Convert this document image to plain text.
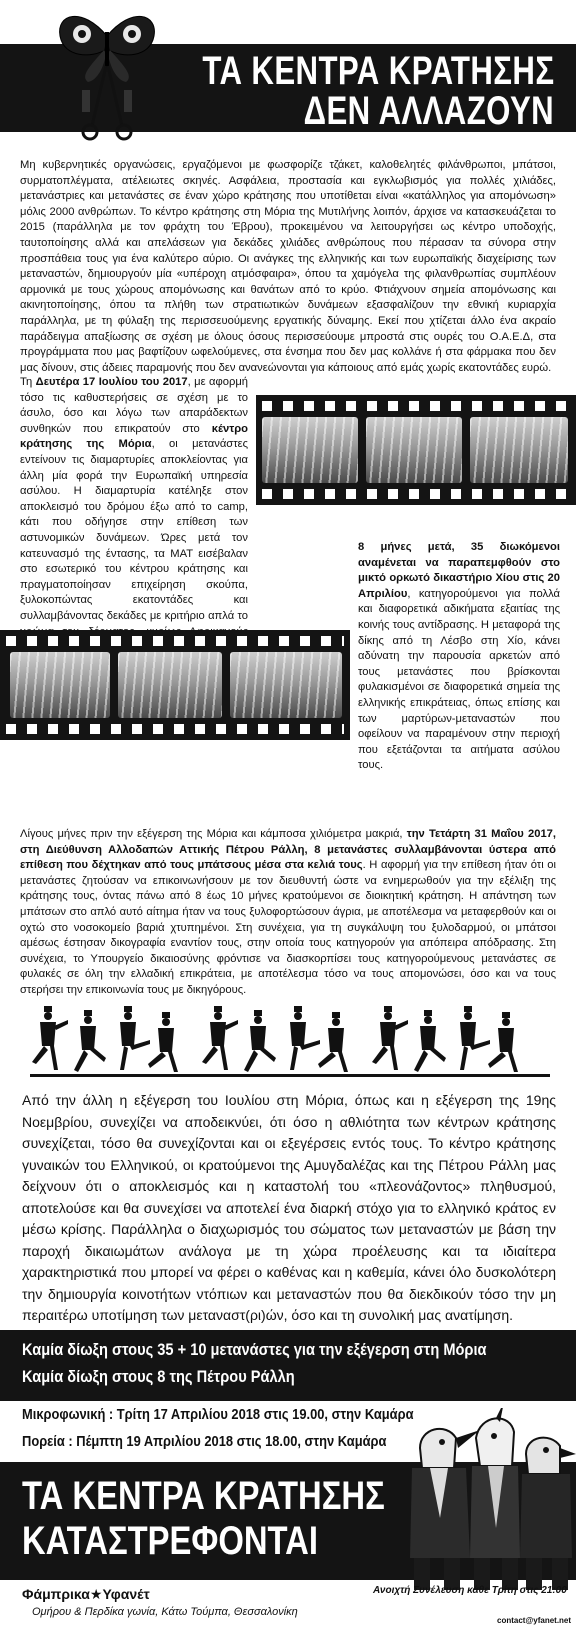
ΤΑ ΚΕΝΤΡΑ ΚΡΑΤΗΣΗΣ
ΔΕΝ ΑΛΛΑΖΟΥΝ
Μη κυβερνητικές οργανώσεις, εργαζόμενοι με φωσφορίζε τζάκετ, καλοθελητές φιλάνθρωποι, μπάτσοι, συρματοπλέγματα, ατέλειωτες σκηνές. Ασφάλεια, προστασία και εγκλωβισμός για πολλές χιλιάδες, μετανάστριες και μετανάστες σε έναν χώρο κράτησης που υποτίθεται είναι «κατάλληλος για απομόνωση» μόλις 2000 ανθρώπων. Το κέντρο κράτησης στη Μόρια της Μυτιλήνης λοιπόν, άρχισε να κατασκευάζεται το 2015 (παράλληλα με τον φράχτη του Έβρου), προκειμένου να λειτουργήσει ως κέντρο υποδοχής, ταυτοποίησης αλλά και απελάσεων για δεκάδες χιλιάδες ανθρώπους που πέρασαν τα σύνορα στην προσπάθεια τους για ένα καλύτερο αύριο. Οι ανάγκες της ελληνικής και των ευρωπαϊκής διαχείρισης των μεταναστών, δημιουργούν μία «υπέροχη ατμόσφαιρα», όπου τα χαμόγελα της φιλανθρωπίας συμπλέουν αρμονικά με τους χώρους απομόνωσης και θανάτων από το κρύο. Φτιάχνουν σημεία απομόνωσης και ακινητοποίησης, όπου τα πλήθη των στρατιωτικών δυνάμεων εξασφαλίζουν την εθνική κυριαρχία παράλληλα, με τη φύλαξη της περισσευούμενης εργατικής δύναμης. Εκεί που χτίζεται άλλο ένα ακραίο παράδειγμα απαξίωσης σε σχέση με όλους όσους περισσεύουμε μπροστά στις ουρές του Ο.Α.Ε.Δ, στα προγράμματα που μας βαφτίζουν ωφελούμενες, στα ένσημα που δεν μας κολλάνε ή στα φάρμακα που δεν μας δίνουν, στις άδειες παραμονής που δεν ανανεώνονται για κάποιους από εμάς χωρίς εκατοντάδες ευρώ.
Τη Δευτέρα 17 Ιουλίου του 2017, με αφορμή τόσο τις καθυστερήσεις σε σχέση με το άσυλο, όσο και λόγω των απαράδεκτων συνθηκών που επικρατούν στο κέντρο κράτησης της Μόρια, οι μετανάστες εντείνουν τις διαμαρτυρίες αποκλείοντας για άλλη μία φορά την Ευρωπαϊκή υπηρεσία ασύλου. Η διαμαρτυρία κατέληξε στον αποκλεισμό του δρόμου έξω από το camp, κάτι που οδήγησε στην επίθεση των αστυνομικών δυνάμεων. Ώρες μετά τον κατευνασμό της έντασης, τα ΜΑΤ εισέβαλαν στο εσωτερικό του κέντρου κράτησης και πραγματοποίησαν επιχείρηση σκούπα, ξυλοκοπώντας εκατοντάδες και συλλαμβάνοντας δεκάδες με κριτήριο απλά το
8 μήνες μετά, 35 διωκόμενοι αναμένεται να παραπεμφθούν στο μικτό ορκωτό δικαστήριο Χίου στις 20 Απριλίου, κατηγορούμενοι για πολλά και διαφορετικά αδικήματα εξαιτίας της κοινής τους αντίδρασης. Η μεταφορά της δίκης από τη Λέσβο στη Χίο, κάνει αδύνατη την παρουσία αρκετών από τους μετανάστες που βρίσκονται φυλακισμένοι σε διαφορετικά σημεία της ελληνικής επικράτειας, όπως επίσης και των μαρτύρων-μεταναστών που οφείλουν να παραμένουν στην περιοχή που εξετάζονται τα αιτήματα ασύλου τους.
Λίγους μήνες πριν την εξέγερση της Μόρια και κάμποσα χιλιόμετρα μακριά, την Τετάρτη 31 Μαΐου 2017, στη Διεύθυνση Αλλοδαπών Αττικής Πέτρου Ράλλη, 8 μετανάστες συλλαμβάνονται ύστερα από επίθεση που δέχτηκαν από τους μπάτσους μέσα στα κελιά τους. Η αφορμή για την επίθεση ήταν ότι οι μετανάστες ζητούσαν να επικοινωνήσουν με τον διευθυντή ώστε να ενημερωθούν για την εξέλιξη της κράτησης τους, όντας πάνω από 8 έως 10 μήνες κρατούμενοι σε διοικητική κράτηση. Η απάντηση των μπάτσων στο απλό αυτό αίτημα ήταν να τους ξυλοφορτώσουν άγρια, με αποτέλεσμα να μεταφερθούν και οι οχτώ στο νοσοκομείο βαριά χτυπημένοι. Στη συνέχεια, για τη συγκάλυψη του ξυλοδαρμού, οι μπάτσοι αμέσως έστησαν δικογραφία εναντίον τους, στην οποία τους κατηγορούν για απόπειρα απόδρασης. Στη συνέχεια, το Υπουργείο δικαιοσύνης φρόντισε να διασκορπίσει τους κατηγορούμενους μετανάστες σε φυλακές σε όλη την ελλαδική επικράτεια, με αποτέλεσμα τόσο να τους απομονώσει, όσο και να τους στερήσει την επικοινωνία τους με δικηγόρους.
Από την άλλη η εξέγερση του Ιουλίου στη Μόρια, όπως και η εξέγερση της 19ης Νοεμβρίου, συνεχίζει να αποδεικνύει, ότι όσο η αθλιότητα των κέντρων κράτησης συνεχίζεται, τόσο θα συνεχίζονται και οι εξεγέρσεις εντός τους. Το κέντρο κράτησης γυναικών του Ελληνικού, οι κρατούμενοι της Αμυγδαλέζας και της Πέτρου Ράλλη μας δείχνουν ότι ο αποκλεισμός και η καταστολή του «πλεονάζοντος» πληθυσμού, αποτελούσε και θα συνεχίσει να αποτελεί ένα διαρκή στόχο για το ελληνικό κράτος εν μέσω κρίσης. Παράλληλα ο διαχωρισμός του σώματος των μεταναστών με βάση την παροχή δικαιωμάτων ανάλογα με τη χώρα προέλευσης και τα ιδιαίτερα χαρακτηριστικά που μπορεί να φέρει ο καθένας και η καθεμία, κάνει όλο δυσκολότερη την δημιουργία κοινοτήτων ντόπιων και μεταναστών που θα διεκδικούν τόσο την μη περαιτέρω υποτίμηση των μεταναστ(ρι)ών, όσο και τη συνολική μας ανατίμηση.
Καμία δίωξη στους 35 + 10 μετανάστες για την εξέγερση στη Μόρια
Καμία δίωξη στους 8 της Πέτρου Ράλλη
Μικροφωνική : Τρίτη 17 Απριλίου 2018 στις 19.00, στην Καμάρα
Πορεία : Πέμπτη 19 Απριλίου 2018 στις 18.00, στην Καμάρα
ΤΑ ΚΕΝΤΡΑ ΚΡΑΤΗΣΗΣ
ΚΑΤΑΣΤΡΕΦΟΝΤΑΙ
Φάμπρικα★Υφανέτ
Ομήρου & Περδίκα γωνία, Κάτω Τούμπα, Θεσσαλονίκη
Ανοιχτή Συνέλευση κάθε Τρίτη στις 21:00
contact@yfanet.net
